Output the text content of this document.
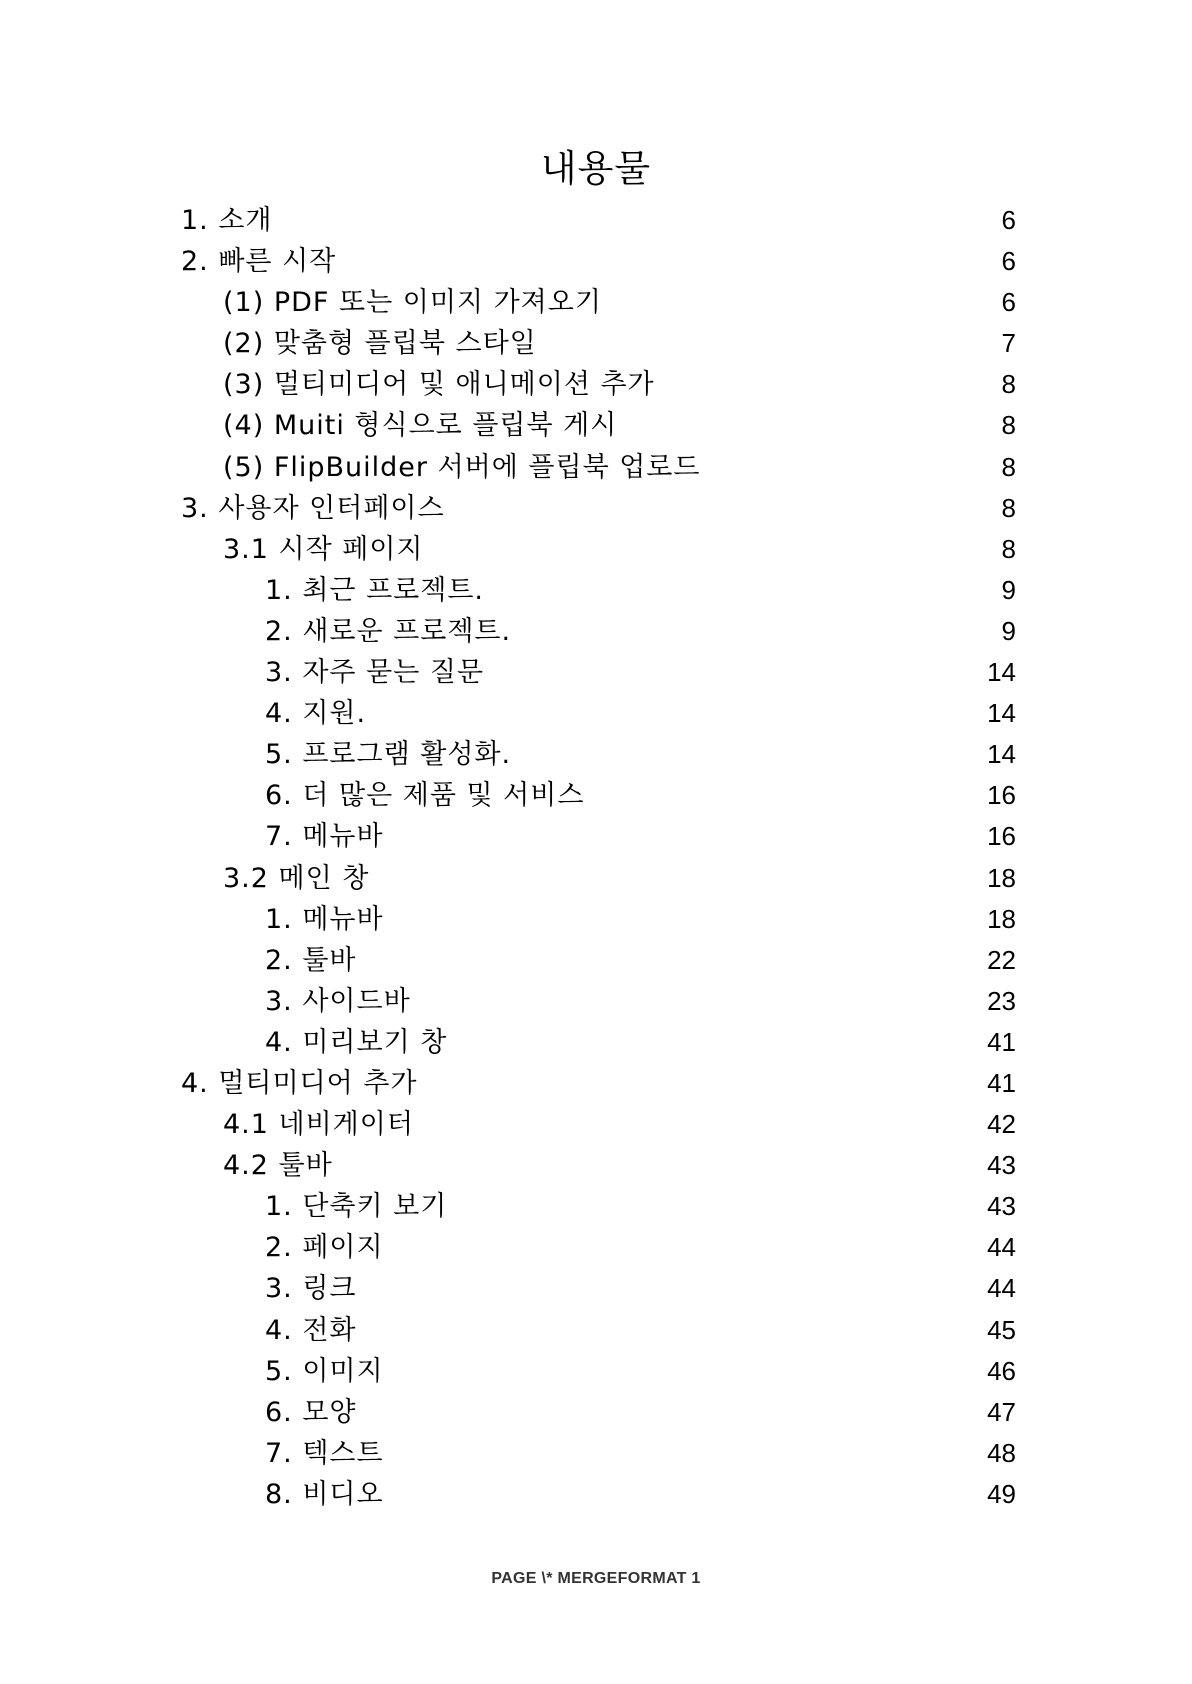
내용물
1. 소개	6
2. 빠른 시작	6
(1) PDF 또는 이미지 가져오기	6
(2) 맞춤형 플립북 스타일	7
(3) 멀티미디어 및 애니메이션 추가	8
(4) Muiti 형식으로 플립북 게시	8
(5) FlipBuilder 서버에 플립북 업로드	8
3. 사용자 인터페이스	8
3.1 시작 페이지	8
1. 최근 프로젝트.	9
2. 새로운 프로젝트.	9
3. 자주 묻는 질문	14
4. 지원.	14
5. 프로그램 활성화.	14
6. 더 많은 제품 및 서비스	16
7. 메뉴바	16
3.2 메인 창	18
1. 메뉴바	18
2. 툴바	22
3. 사이드바	23
4. 미리보기 창	41
4. 멀티미디어 추가	41
4.1 네비게이터	42
4.2 툴바	43
1. 단축키 보기	43
2. 페이지	44
3. 링크	44
4. 전화	45
5. 이미지	46
6. 모양	47
7. 텍스트	48
8. 비디오	49
PAGE \* MERGEFORMAT 1
